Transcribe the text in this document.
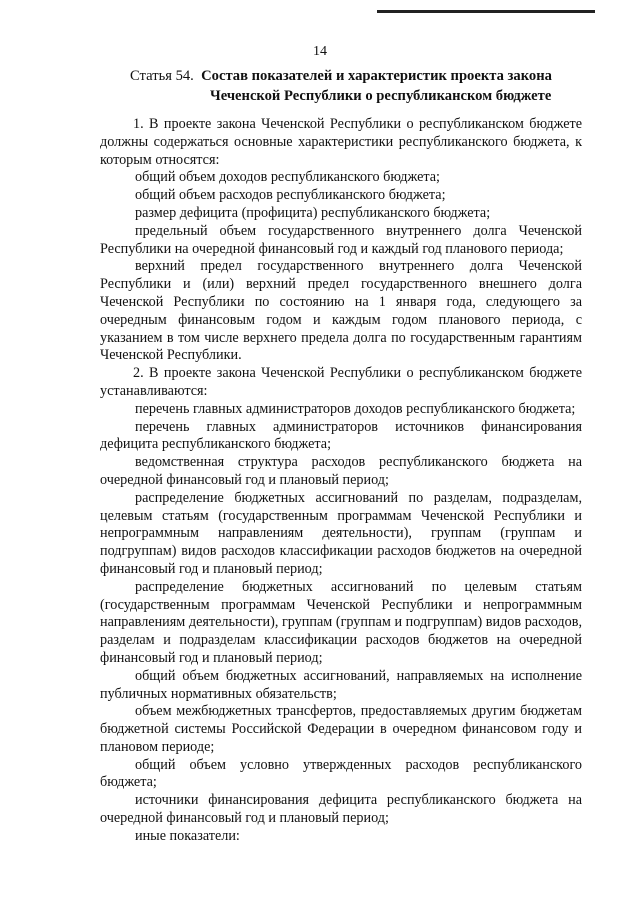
14
Статья 54. Состав показателей и характеристик проекта закона
Чеченской Республики о республиканском бюджете

1. В проекте закона Чеченской Республики о республиканском бюджете должны содержаться основные характеристики республиканского бюджета, к которым относятся:

общий объем доходов республиканского бюджета;

общий объем расходов республиканского бюджета;

размер дефицита (профицита) республиканского бюджета;

предельный объем государственного внутреннего долга Чеченской Республики на очередной финансовый год и каждый год планового периода;

верхний предел государственного внутреннего долга Чеченской Республики и (или) верхний предел государственного внешнего долга Чеченской Республики по состоянию на 1 января года, следующего за очередным финансовым годом и каждым годом планового периода, с указанием в том числе верхнего предела долга по государственным гарантиям Чеченской Республики.

2. В проекте закона Чеченской Республики о республиканском бюджете устанавливаются:

перечень главных администраторов доходов республиканского бюджета;

перечень главных администраторов источников финансирования дефицита республиканского бюджета;

ведомственная структура расходов республиканского бюджета на очередной финансовый год и плановый период;

распределение бюджетных ассигнований по разделам, подразделам, целевым статьям (государственным программам Чеченской Республики и непрограммным направлениям деятельности), группам (группам и подгруппам) видов расходов классификации расходов бюджетов на очередной финансовый год и плановый период;

распределение бюджетных ассигнований по целевым статьям (государственным программам Чеченской Республики и непрограммным направлениям деятельности), группам (группам и подгруппам) видов расходов, разделам и подразделам классификации расходов бюджетов на очередной финансовый год и плановый период;

общий объем бюджетных ассигнований, направляемых на исполнение публичных нормативных обязательств;

объем межбюджетных трансфертов, предоставляемых другим бюджетам бюджетной системы Российской Федерации в очередном финансовом году и плановом периоде;

общий объем условно утвержденных расходов республиканского бюджета;

источники финансирования дефицита республиканского бюджета на очередной финансовый год и плановый период;

иные показатели:
